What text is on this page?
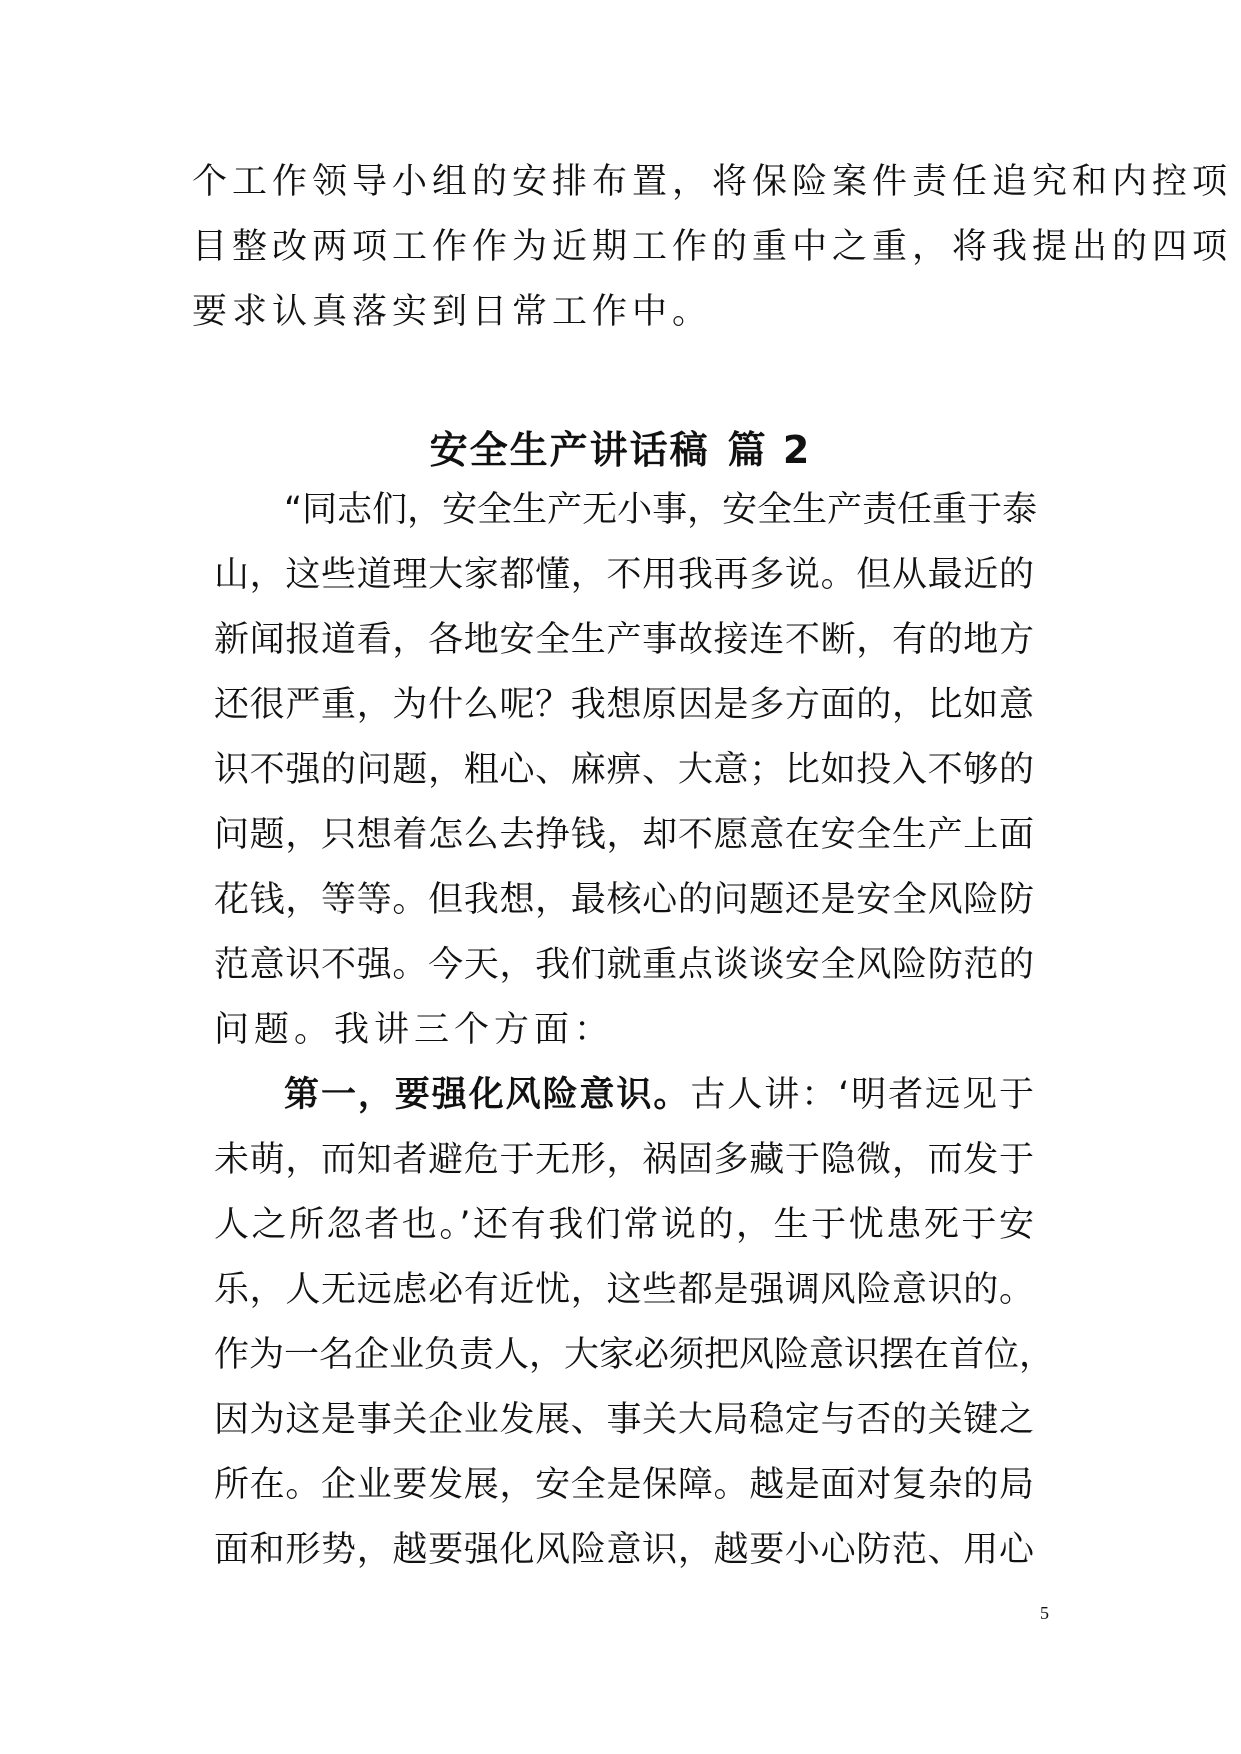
个工作领导小组的安排布置，将保险案件责任追究和内控项
目整改两项工作作为近期工作的重中之重，将我提出的四项
要求认真落实到日常工作中。
安全生产讲话稿 篇 2
“同志们，安全生产无小事，安全生产责任重于泰
山，这些道理大家都懂，不用我再多说。但从最近的
新闻报道看，各地安全生产事故接连不断，有的地方
还很严重，为什么呢？我想原因是多方面的，比如意
识不强的问题，粗心、麻痹、大意；比如投入不够的
问题，只想着怎么去挣钱，却不愿意在安全生产上面
花钱，等等。但我想，最核心的问题还是安全风险防
范意识不强。今天，我们就重点谈谈安全风险防范的
问题。我讲三个方面：
第一，要强化风险意识。古人讲：‘明者远见于
未萌，而知者避危于无形，祸固多藏于隐微，而发于
人之所忽者也。’还有我们常说的，生于忧患死于安
乐，人无远虑必有近忧，这些都是强调风险意识的。
作为一名企业负责人，大家必须把风险意识摆在首位，
因为这是事关企业发展、事关大局稳定与否的关键之
所在。企业要发展，安全是保障。越是面对复杂的局
面和形势，越要强化风险意识，越要小心防范、用心
5
